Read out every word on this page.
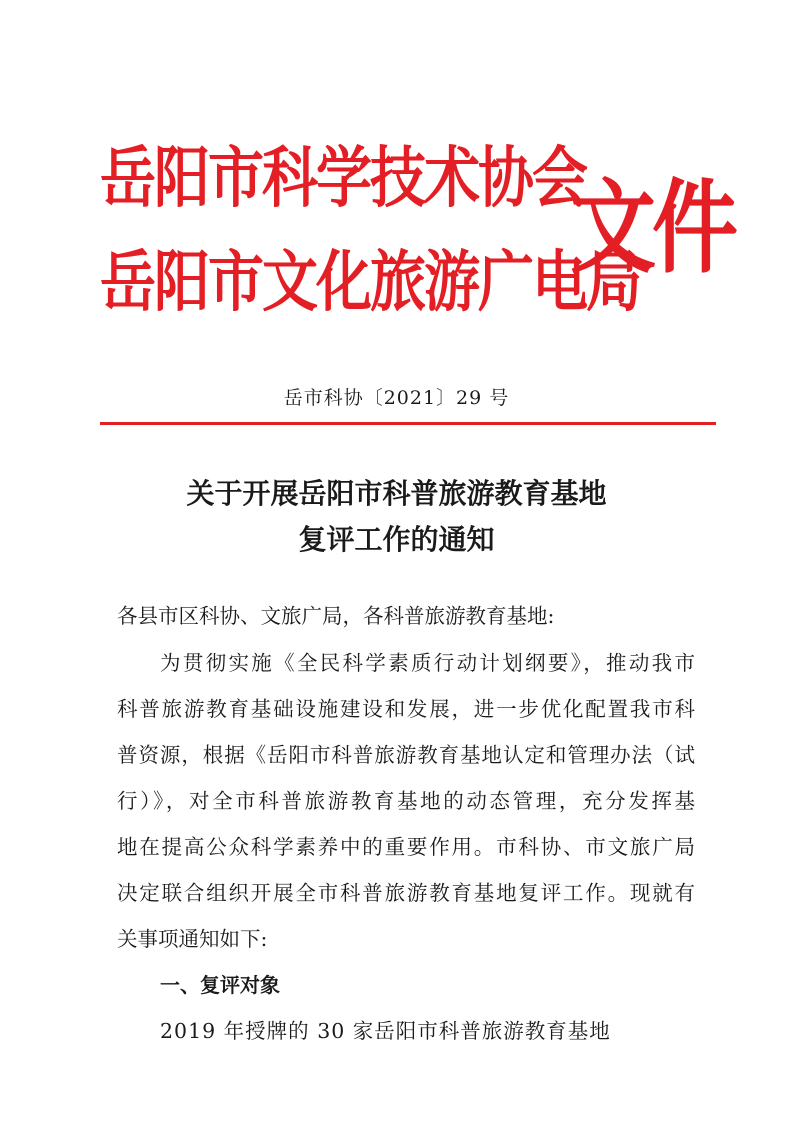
岳阳市科学技术协会
岳阳市文化旅游广电局
文件
岳市科协〔2021〕29 号
关于开展岳阳市科普旅游教育基地
复评工作的通知
各县市区科协、文旅广局，各科普旅游教育基地:
为贯彻实施《全民科学素质行动计划纲要》，推动我市
科普旅游教育基础设施建设和发展，进一步优化配置我市科
普资源，根据《岳阳市科普旅游教育基地认定和管理办法（试
行）》，对全市科普旅游教育基地的动态管理，充分发挥基
地在提高公众科学素养中的重要作用。市科协、市文旅广局
决定联合组织开展全市科普旅游教育基地复评工作。现就有
关事项通知如下:
一、复评对象
2019 年授牌的 30 家岳阳市科普旅游教育基地
